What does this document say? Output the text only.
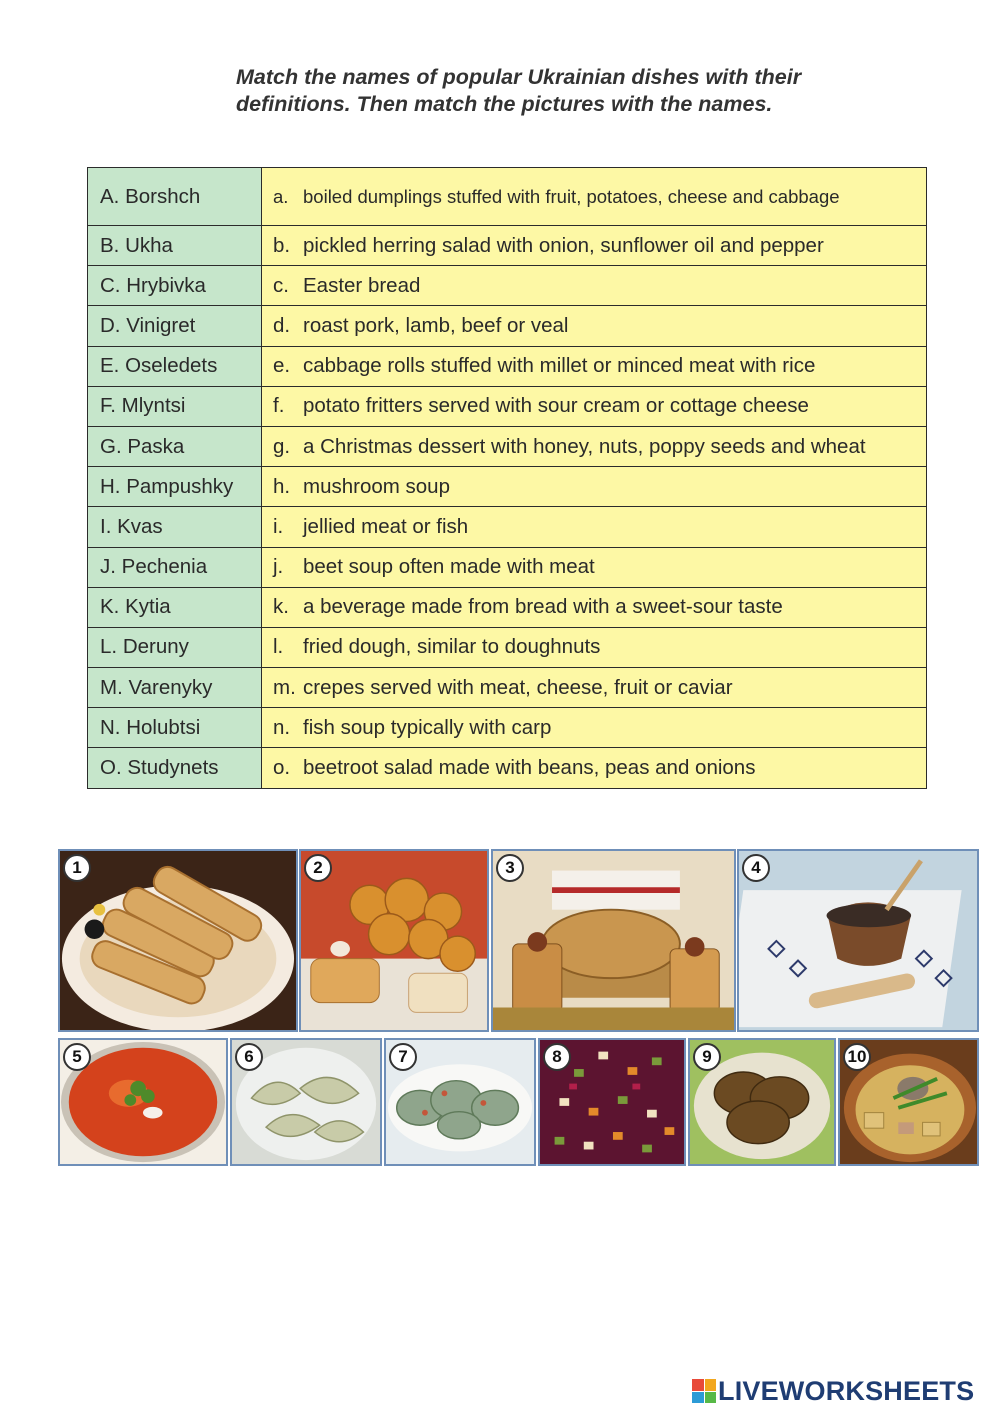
Match the names of popular Ukrainian dishes with their definitions. Then match the pictures with the names.
A. Borshch	a. boiled dumplings stuffed with fruit, potatoes, cheese and cabbage

B. Ukha	b. pickled herring salad with onion, sunflower oil and pepper

C. Hrybivka	c. Easter bread

D. Vinigret	d. roast pork, lamb, beef or veal

E. Oseledets	e. cabbage rolls stuffed with millet or minced meat with rice

F. Mlyntsi	f. potato fritters served with sour cream or cottage cheese

G. Paska	g. a Christmas dessert with honey, nuts, poppy seeds and wheat

H. Pampushky	h. mushroom soup

I. Kvas	i. jellied meat or fish

J. Pechenia	j. beet soup often made with meat

K. Kytia	k. a beverage made from bread with a sweet-sour taste

L. Deruny	l. fried dough, similar to doughnuts

M. Varenyky	m. crepes served with meat, cheese, fruit or caviar

N. Holubtsi	n. fish soup typically with carp

O. Studynets	o. beetroot salad made with beans, peas and onions
1	2	3	4
5	6	7	8	9	10
LIVEWORKSHEETS
